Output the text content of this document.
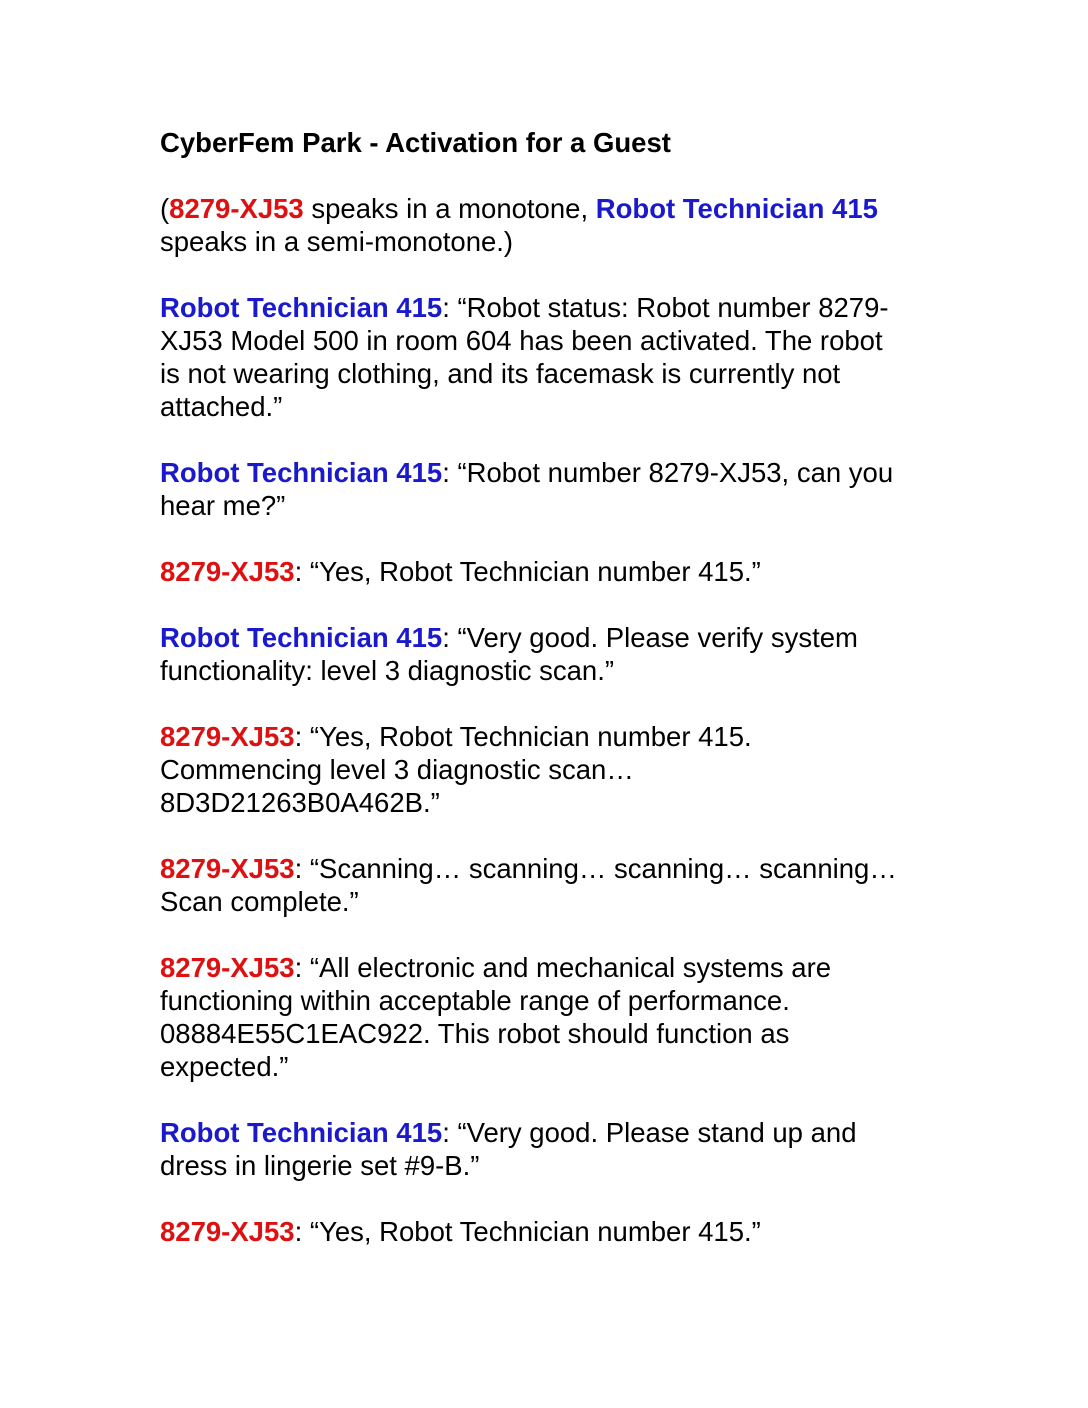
CyberFem Park - Activation for a Guest

(8279-XJ53 speaks in a monotone, Robot Technician 415
speaks in a semi-monotone.)

Robot Technician 415: “Robot status: Robot number 8279-
XJ53 Model 500 in room 604 has been activated. The robot
is not wearing clothing, and its facemask is currently not
attached.”

Robot Technician 415: “Robot number 8279-XJ53, can you
hear me?”

8279-XJ53: “Yes, Robot Technician number 415.”

Robot Technician 415: “Very good. Please verify system
functionality: level 3 diagnostic scan.”

8279-XJ53: “Yes, Robot Technician number 415.
Commencing level 3 diagnostic scan…
8D3D21263B0A462B.”

8279-XJ53: “Scanning… scanning… scanning… scanning…
Scan complete.”

8279-XJ53: “All electronic and mechanical systems are
functioning within acceptable range of performance.
08884E55C1EAC922. This robot should function as
expected.”

Robot Technician 415: “Very good. Please stand up and
dress in lingerie set #9-B.”

8279-XJ53: “Yes, Robot Technician number 415.”
